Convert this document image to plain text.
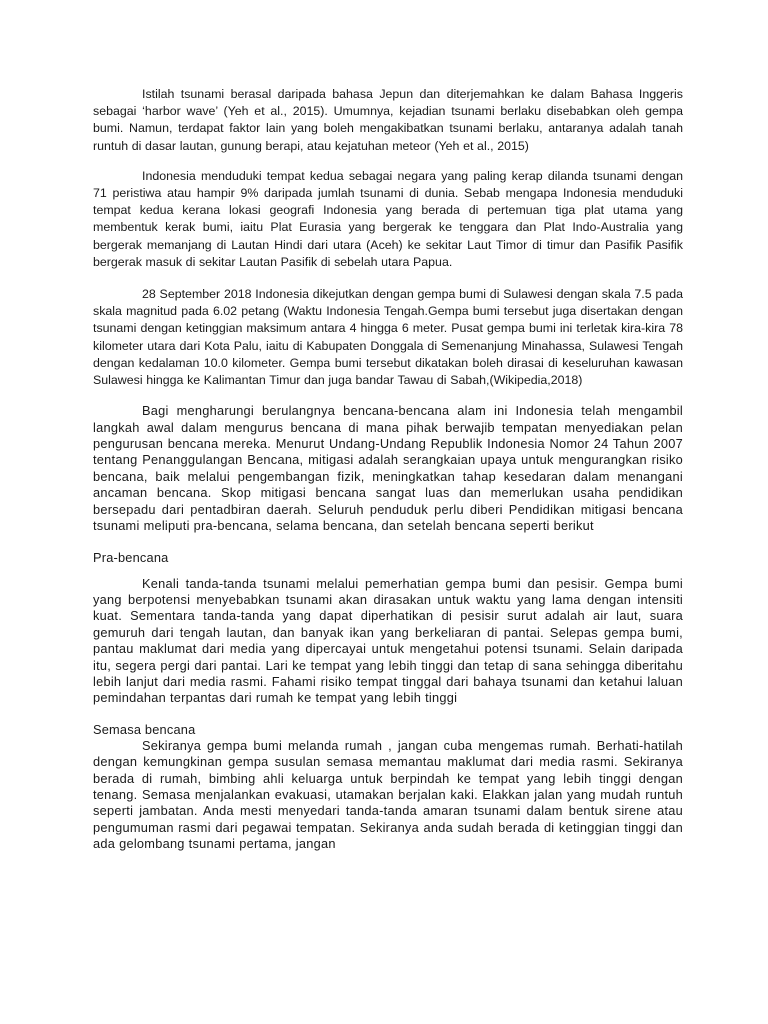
Istilah tsunami berasal daripada bahasa Jepun dan diterjemahkan ke dalam Bahasa Inggeris sebagai ‘harbor wave’ (Yeh et al., 2015). Umumnya, kejadian tsunami berlaku disebabkan oleh gempa bumi. Namun, terdapat faktor lain yang boleh mengakibatkan tsunami berlaku, antaranya adalah tanah runtuh di dasar lautan, gunung berapi, atau kejatuhan meteor (Yeh et al., 2015)

Indonesia menduduki tempat kedua sebagai negara yang paling kerap dilanda tsunami dengan 71 peristiwa atau hampir 9% daripada jumlah tsunami di dunia. Sebab mengapa Indonesia menduduki tempat kedua kerana lokasi geografi Indonesia yang berada di pertemuan tiga plat utama yang membentuk kerak bumi, iaitu Plat Eurasia yang bergerak ke tenggara dan Plat Indo-Australia yang bergerak memanjang di Lautan Hindi dari utara (Aceh) ke sekitar Laut Timor di timur dan Pasifik Pasifik bergerak masuk di sekitar Lautan Pasifik di sebelah utara Papua.

28 September 2018 Indonesia dikejutkan dengan gempa bumi di Sulawesi dengan skala 7.5 pada skala magnitud pada 6.02 petang (Waktu Indonesia Tengah.Gempa bumi tersebut juga disertakan dengan tsunami dengan ketinggian maksimum antara 4 hingga 6 meter. Pusat gempa bumi ini terletak kira-kira 78 kilometer utara dari Kota Palu, iaitu di Kabupaten Donggala di Semenanjung Minahassa, Sulawesi Tengah dengan kedalaman 10.0 kilometer. Gempa bumi tersebut dikatakan boleh dirasai di keseluruhan kawasan Sulawesi hingga ke Kalimantan Timur dan juga bandar Tawau di Sabah,(Wikipedia,2018)

Bagi mengharungi berulangnya bencana-bencana alam ini Indonesia telah mengambil langkah awal dalam mengurus bencana di mana pihak berwajib tempatan menyediakan pelan pengurusan bencana mereka. Menurut Undang-Undang Republik Indonesia Nomor 24 Tahun 2007 tentang Penanggulangan Bencana, mitigasi adalah serangkaian upaya untuk mengurangkan risiko bencana, baik melalui pengembangan fizik, meningkatkan tahap kesedaran dalam menangani ancaman bencana. Skop mitigasi bencana sangat luas dan memerlukan usaha pendidikan bersepadu dari pentadbiran daerah. Seluruh penduduk perlu diberi Pendidikan mitigasi bencana tsunami meliputi pra-bencana, selama bencana, dan setelah bencana seperti berikut

Pra-bencana

Kenali tanda-tanda tsunami melalui pemerhatian gempa bumi dan pesisir. Gempa bumi yang berpotensi menyebabkan tsunami akan dirasakan untuk waktu yang lama dengan intensiti kuat. Sementara tanda-tanda yang dapat diperhatikan di pesisir surut adalah air laut, suara gemuruh dari tengah lautan, dan banyak ikan yang berkeliaran di pantai. Selepas gempa bumi, pantau maklumat dari media yang dipercayai untuk mengetahui potensi tsunami. Selain daripada itu, segera pergi dari pantai. Lari ke tempat yang lebih tinggi dan tetap di sana sehingga diberitahu lebih lanjut dari media rasmi. Fahami risiko tempat tinggal dari bahaya tsunami dan ketahui laluan pemindahan terpantas dari rumah ke tempat yang lebih tinggi

Semasa bencana

Sekiranya gempa bumi melanda rumah , jangan cuba mengemas rumah. Berhati-hatilah dengan kemungkinan gempa susulan semasa memantau maklumat dari media rasmi. Sekiranya berada di rumah, bimbing ahli keluarga untuk berpindah ke tempat yang lebih tinggi dengan tenang. Semasa menjalankan evakuasi, utamakan berjalan kaki. Elakkan jalan yang mudah runtuh seperti jambatan. Anda mesti menyedari tanda-tanda amaran tsunami dalam bentuk sirene atau pengumuman rasmi dari pegawai tempatan. Sekiranya anda sudah berada di ketinggian tinggi dan ada gelombang tsunami pertama, jangan
